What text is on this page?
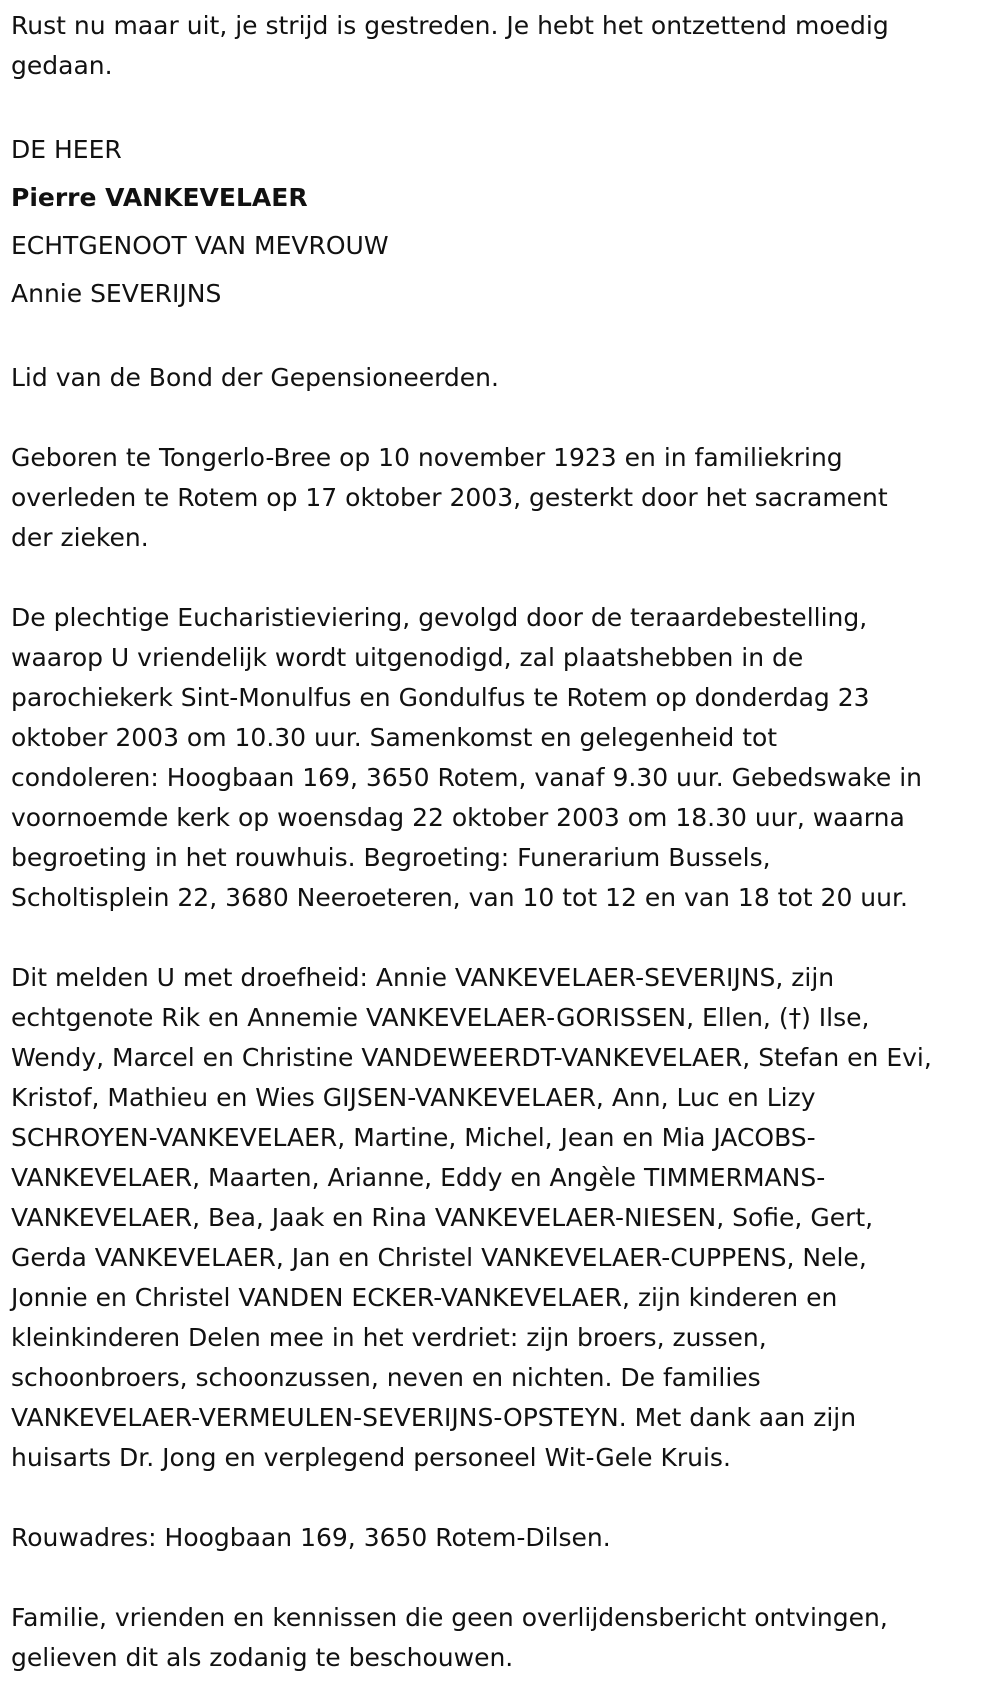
Rust nu maar uit, je strijd is gestreden. Je hebt het ontzettend moedig

gedaan.

DE HEER

Pierre VANKEVELAER

ECHTGENOOT VAN MEVROUW

Annie SEVERIJNS

Lid van de Bond der Gepensioneerden.

Geboren te Tongerlo-Bree op 10 november 1923 en in familiekring

overleden te Rotem op 17 oktober 2003, gesterkt door het sacrament

der zieken.

De plechtige Eucharistieviering, gevolgd door de teraardebestelling,

waarop U vriendelijk wordt uitgenodigd, zal plaatshebben in de

parochiekerk Sint-Monulfus en Gondulfus te Rotem op donderdag 23

oktober 2003 om 10.30 uur. Samenkomst en gelegenheid tot

condoleren: Hoogbaan 169, 3650 Rotem, vanaf 9.30 uur. Gebedswake in

voornoemde kerk op woensdag 22 oktober 2003 om 18.30 uur, waarna

begroeting in het rouwhuis. Begroeting: Funerarium Bussels,

Scholtisplein 22, 3680 Neeroeteren, van 10 tot 12 en van 18 tot 20 uur.

Dit melden U met droefheid: Annie VANKEVELAER-SEVERIJNS, zijn

echtgenote Rik en Annemie VANKEVELAER-GORISSEN, Ellen, (†) Ilse,

Wendy, Marcel en Christine VANDEWEERDT-VANKEVELAER, Stefan en Evi,

Kristof, Mathieu en Wies GIJSEN-VANKEVELAER, Ann, Luc en Lizy

SCHROYEN-VANKEVELAER, Martine, Michel, Jean en Mia JACOBS-

VANKEVELAER, Maarten, Arianne, Eddy en Angèle TIMMERMANS-

VANKEVELAER, Bea, Jaak en Rina VANKEVELAER-NIESEN, Sofie, Gert,

Gerda VANKEVELAER, Jan en Christel VANKEVELAER-CUPPENS, Nele,

Jonnie en Christel VANDEN ECKER-VANKEVELAER, zijn kinderen en

kleinkinderen Delen mee in het verdriet: zijn broers, zussen,

schoonbroers, schoonzussen, neven en nichten. De families

VANKEVELAER-VERMEULEN-SEVERIJNS-OPSTEYN. Met dank aan zijn

huisarts Dr. Jong en verplegend personeel Wit-Gele Kruis.

Rouwadres: Hoogbaan 169, 3650 Rotem-Dilsen.

Familie, vrienden en kennissen die geen overlijdensbericht ontvingen,

gelieven dit als zodanig te beschouwen.
